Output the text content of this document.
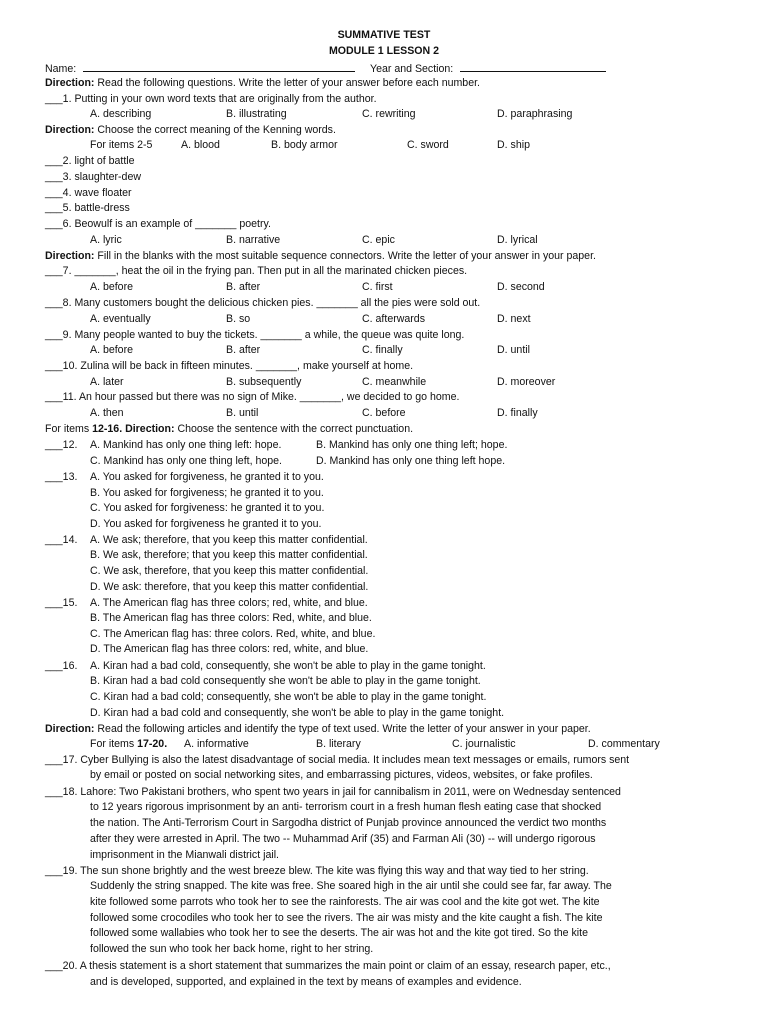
SUMMATIVE TEST
MODULE 1 LESSON 2
Name:	Year and Section:
Direction: Read the following questions. Write the letter of your answer before each number.
___1. Putting in your own word texts that are originally from the author.
A. describing	B. illustrating	C. rewriting	D. paraphrasing
Direction: Choose the correct meaning of the Kenning words.
For items 2-5	A. blood	B. body armor	C. sword	D. ship
___2. light of battle
___3. slaughter-dew
___4. wave floater
___5. battle-dress
___6. Beowulf is an example of _______ poetry.
A. lyric	B. narrative	C. epic	D. lyrical
Direction: Fill in the blanks with the most suitable sequence connectors. Write the letter of your answer in your paper.
___7. _______, heat the oil in the frying pan. Then put in all the marinated chicken pieces.
A. before	B. after	C. first	D. second
___8. Many customers bought the delicious chicken pies. _______ all the pies were sold out.
A. eventually	B. so	C. afterwards	D. next
___9. Many people wanted to buy the tickets. _______ a while, the queue was quite long.
A. before	B. after	C. finally	D. until
___10. Zulina will be back in fifteen minutes. _______, make yourself at home.
A. later	B. subsequently	C. meanwhile	D. moreover
___11. An hour passed but there was no sign of Mike. _______, we decided to go home.
A. then	B. until	C. before	D. finally
For items 12-16. Direction: Choose the sentence with the correct punctuation.
___12. A. Mankind has only one thing left: hope.	B. Mankind has only one thing left; hope.
C. Mankind has only one thing left, hope.	D. Mankind has only one thing left hope.
___13. A. You asked for forgiveness, he granted it to you.
B. You asked for forgiveness; he granted it to you.
C. You asked for forgiveness: he granted it to you.
D. You asked for forgiveness he granted it to you.
___14. A. We ask; therefore, that you keep this matter confidential.
B. We ask, therefore; that you keep this matter confidential.
C. We ask, therefore, that you keep this matter confidential.
D. We ask: therefore, that you keep this matter confidential.
___15. A. The American flag has three colors; red, white, and blue.
B. The American flag has three colors: Red, white, and blue.
C. The American flag has: three colors. Red, white, and blue.
D. The American flag has three colors: red, white, and blue.
___16. A. Kiran had a bad cold, consequently, she won't be able to play in the game tonight.
B. Kiran had a bad cold consequently she won't be able to play in the game tonight.
C. Kiran had a bad cold; consequently, she won't be able to play in the game tonight.
D. Kiran had a bad cold and consequently, she won't be able to play in the game tonight.
Direction: Read the following articles and identify the type of text used. Write the letter of your answer in your paper.
For items 17-20. A. informative	B. literary	C. journalistic	D. commentary
___17. Cyber Bullying is also the latest disadvantage of social media. It includes mean text messages or emails, rumors sent
by email or posted on social networking sites, and embarrassing pictures, videos, websites, or fake profiles.
___18. Lahore: Two Pakistani brothers, who spent two years in jail for cannibalism in 2011, were on Wednesday sentenced
to 12 years rigorous imprisonment by an anti- terrorism court in a fresh human flesh eating case that shocked
the nation. The Anti-Terrorism Court in Sargodha district of Punjab province announced the verdict two months
after they were arrested in April. The two -- Muhammad Arif (35) and Farman Ali (30) -- will undergo rigorous
imprisonment in the Mianwali district jail.
___19. The sun shone brightly and the west breeze blew. The kite was flying this way and that way tied to her string.
Suddenly the string snapped. The kite was free. She soared high in the air until she could see far, far away. The
kite followed some parrots who took her to see the rainforests. The air was cool and the kite got wet. The kite
followed some crocodiles who took her to see the rivers. The air was misty and the kite caught a fish. The kite
followed some wallabies who took her to see the deserts. The air was hot and the kite got tired. So the kite
followed the sun who took her back home, right to her string.
___20. A thesis statement is a short statement that summarizes the main point or claim of an essay, research paper, etc.,
and is developed, supported, and explained in the text by means of examples and evidence.
